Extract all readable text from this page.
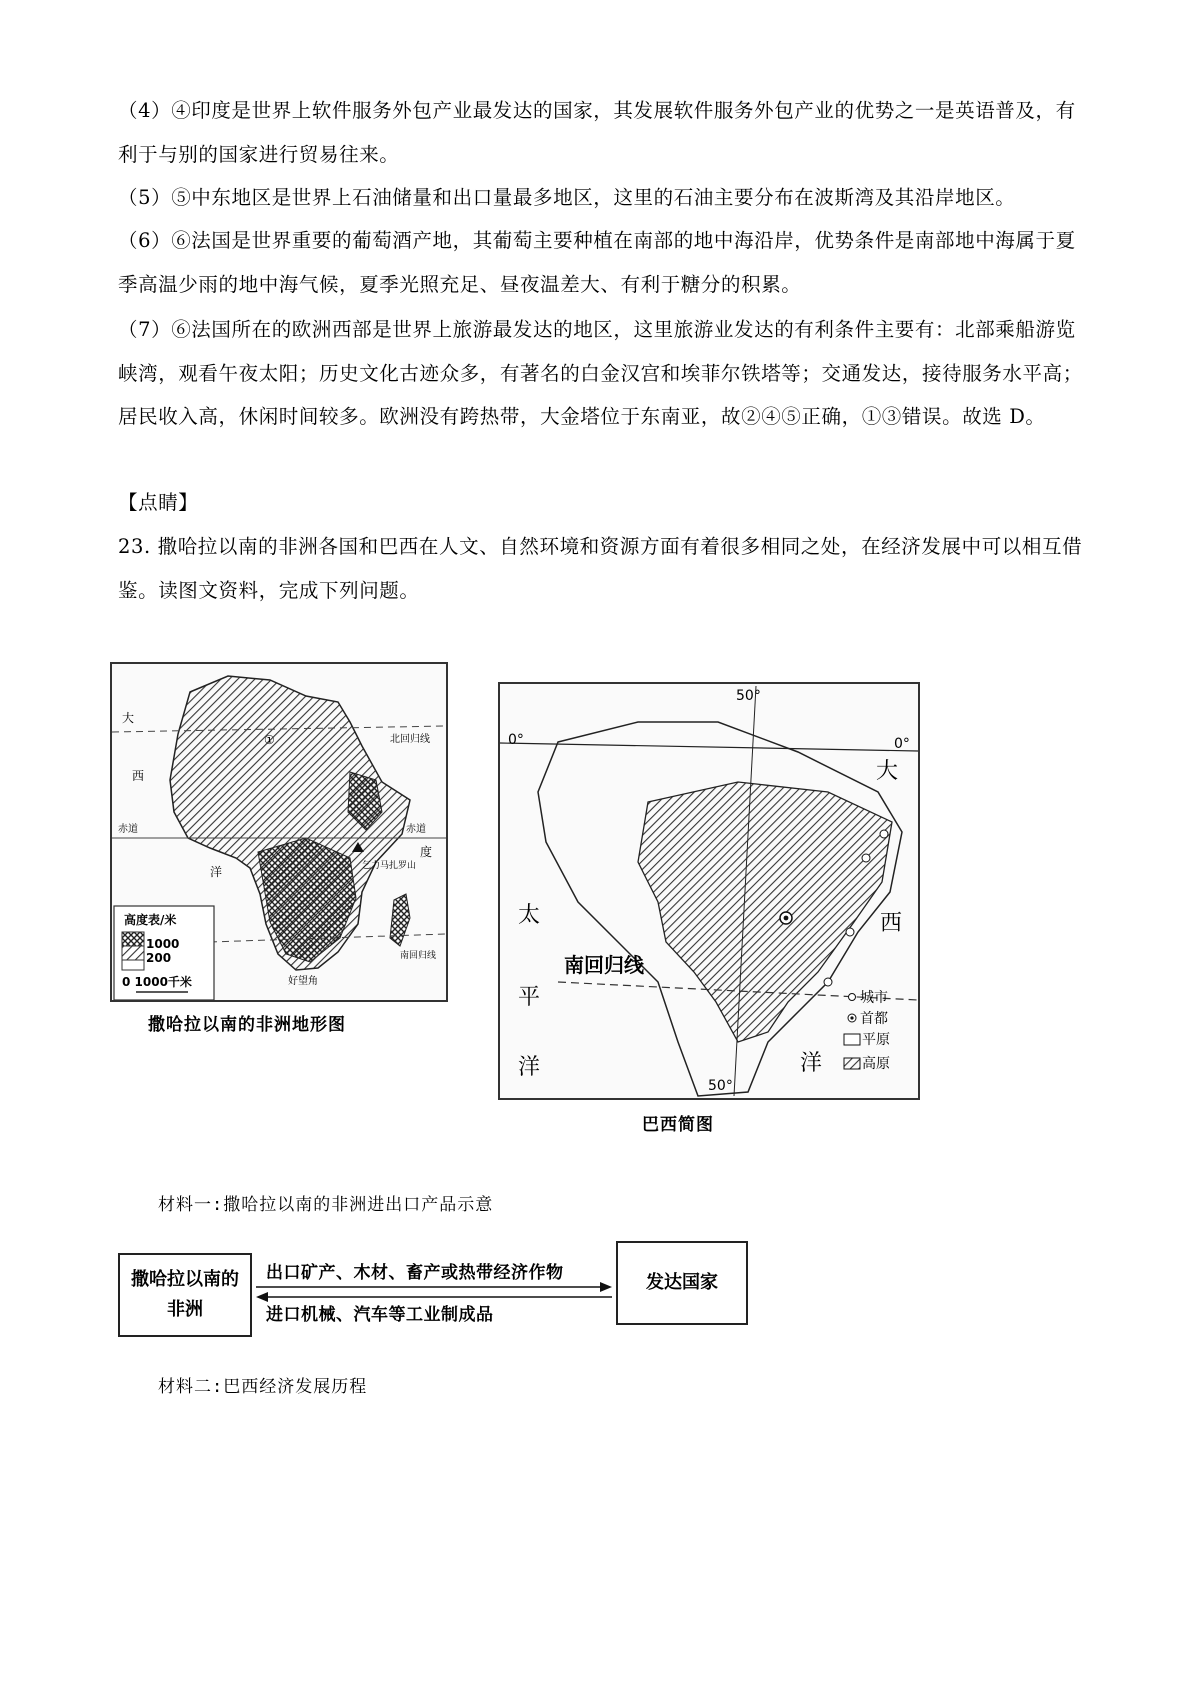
（4）④印度是世界上软件服务外包产业最发达的国家，其发展软件服务外包产业的优势之一是英语普及，有利于与别的国家进行贸易往来。

（5）⑤中东地区是世界上石油储量和出口量最多地区，这里的石油主要分布在波斯湾及其沿岸地区。

（6）⑥法国是世界重要的葡萄酒产地，其葡萄主要种植在南部的地中海沿岸，优势条件是南部地中海属于夏季高温少雨的地中海气候，夏季光照充足、昼夜温差大、有利于糖分的积累。

（7）⑥法国所在的欧洲西部是世界上旅游最发达的地区，这里旅游业发达的有利条件主要有：北部乘船游览峡湾，观看午夜太阳；历史文化古迹众多，有著名的白金汉宫和埃菲尔铁塔等；交通发达，接待服务水平高；居民收入高，休闲时间较多。欧洲没有跨热带，大金塔位于东南亚，故②④⑤正确，①③错误。故选 D。

【点睛】

23. 撒哈拉以南的非洲各国和巴西在人文、自然环境和资源方面有着很多相同之处，在经济发展中可以相互借鉴。读图文资料，完成下列问题。

大
西
洋
度
北回归线
赤道	赤道
乞力马扎罗山
南回归线
好望角
①
高度表/米
1000
200
0 1000千米
撒哈拉以南的非洲地形图
50°
0°	0°
大
西
洋
太
平
洋
南回归线
50°
城市
首都
平原
高原
巴西简图
材料一:撒哈拉以南的非洲进出口产品示意
撒哈拉以南的非洲
发达国家
出口矿产、木材、畜产或热带经济作物
进口机械、汽车等工业制成品
材料二:巴西经济发展历程
